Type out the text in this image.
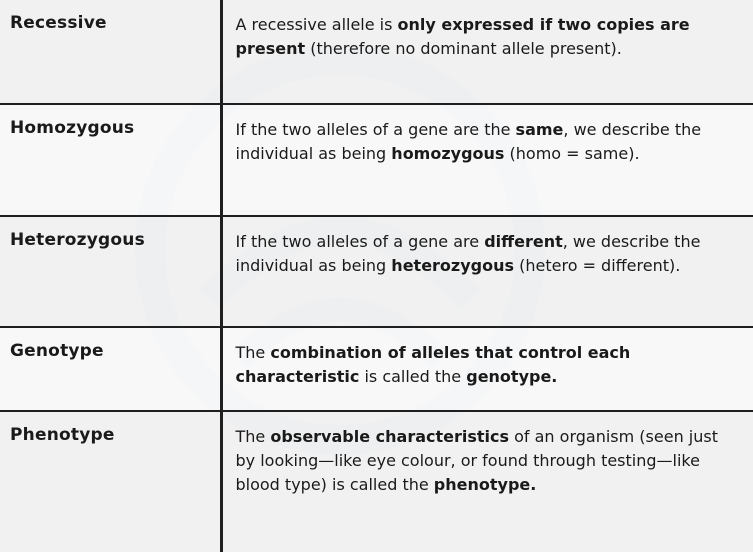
Recessive	A recessive allele is only expressed if two copies are present (therefore no dominant allele present).
Homozygous	If the two alleles of a gene are the same, we describe the individual as being homozygous (homo = same).
Heterozygous	If the two alleles of a gene are different, we describe the individual as being heterozygous (hetero = different).
Genotype	The combination of alleles that control each characteristic is called the genotype.
Phenotype	The observable characteristics of an organism (seen just by looking—like eye colour, or found through testing—like blood type) is called the phenotype.
